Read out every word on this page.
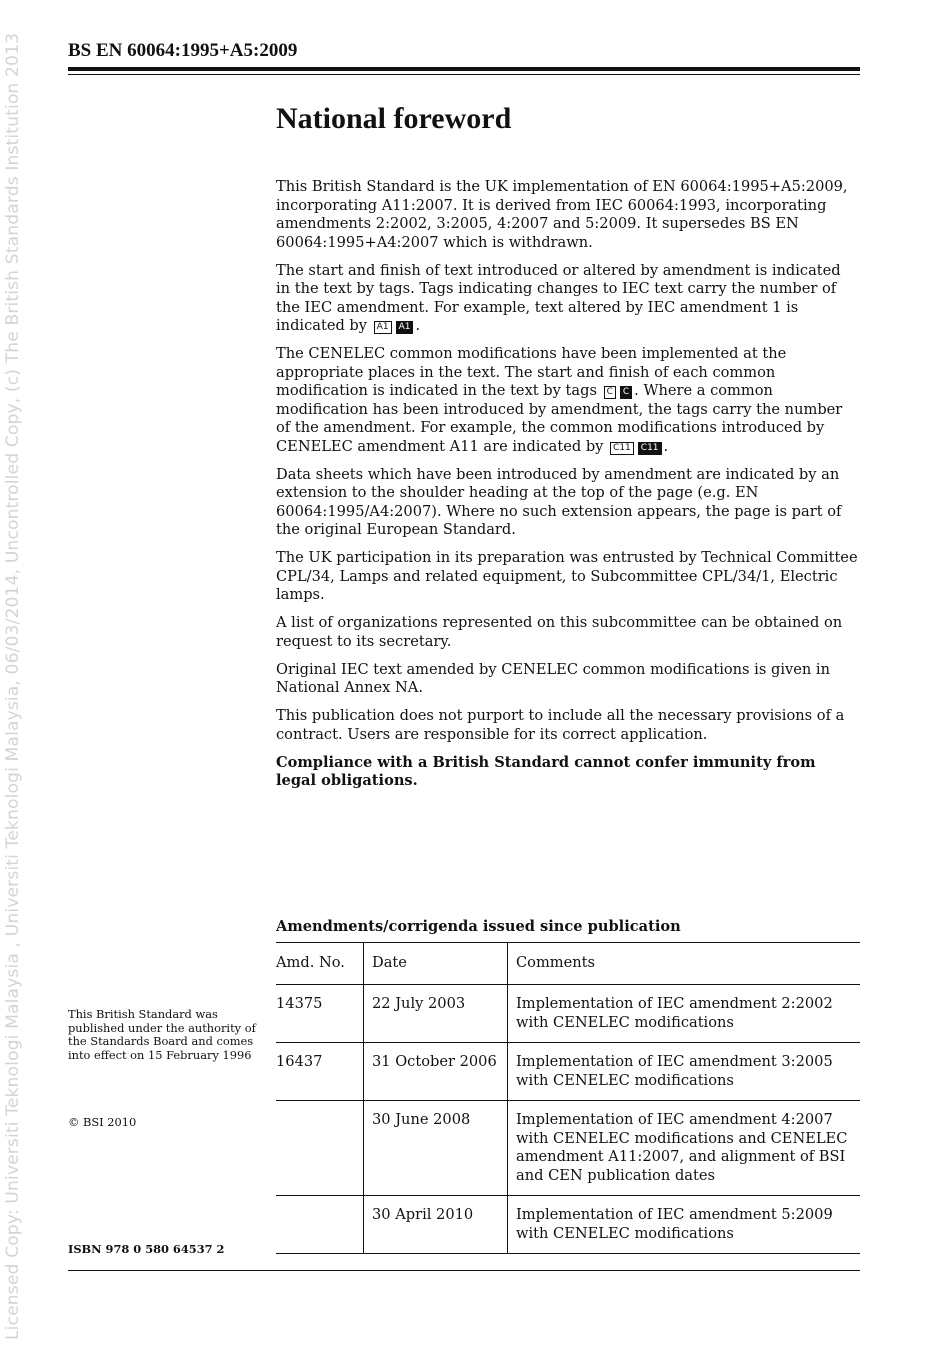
Licensed Copy: Universiti Teknologi Malaysia , Universiti Teknologi Malaysia, 06/03/2014, Uncontrolled Copy, (c) The British Standards Institution 2013	BS EN 60064:1995+A5:2009
National foreword

This British Standard is the UK implementation of EN 60064:1995+A5:2009, incorporating A11:2007. It is derived from IEC 60064:1993, incorporating amendments 2:2002, 3:2005, 4:2007 and 5:2009. It supersedes BS EN 60064:1995+A4:2007 which is withdrawn.

The start and finish of text introduced or altered by amendment is indicated in the text by tags. Tags indicating changes to IEC text carry the number of the IEC amendment. For example, text altered by IEC amendment 1 is indicated by A1 A1 .

The CENELEC common modifications have been implemented at the appropriate places in the text. The start and finish of each common modification is indicated in the text by tags C C . Where a common modification has been introduced by amendment, the tags carry the number of the amendment. For example, the common modifications introduced by CENELEC amendment A11 are indicated by C11 C11 .

Data sheets which have been introduced by amendment are indicated by an extension to the shoulder heading at the top of the page (e.g. EN 60064:1995/A4:2007). Where no such extension appears, the page is part of the original European Standard.

The UK participation in its preparation was entrusted by Technical Committee CPL/34, Lamps and related equipment, to Subcommittee CPL/34/1, Electric lamps.

A list of organizations represented on this subcommittee can be obtained on request to its secretary.

Original IEC text amended by CENELEC common modifications is given in National Annex NA.

This publication does not purport to include all the necessary provisions of a contract. Users are responsible for its correct application.

Compliance with a British Standard cannot confer immunity from legal obligations.

Amendments/corrigenda issued since publication
Amd. No.	Date	Comments
14375	22 July 2003	Implementation of IEC amendment 2:2002 with CENELEC modifications
16437	31 October 2006	Implementation of IEC amendment 3:2005 with CENELEC modifications
	30 June 2008	Implementation of IEC amendment 4:2007 with CENELEC modifications and CENELEC amendment A11:2007, and alignment of BSI and CEN publication dates
	30 April 2010	Implementation of IEC amendment 5:2009 with CENELEC modifications
This British Standard was published under the authority of the Standards Board and comes into effect on 15 February 1996
© BSI 2010
ISBN 978 0 580 64537 2
